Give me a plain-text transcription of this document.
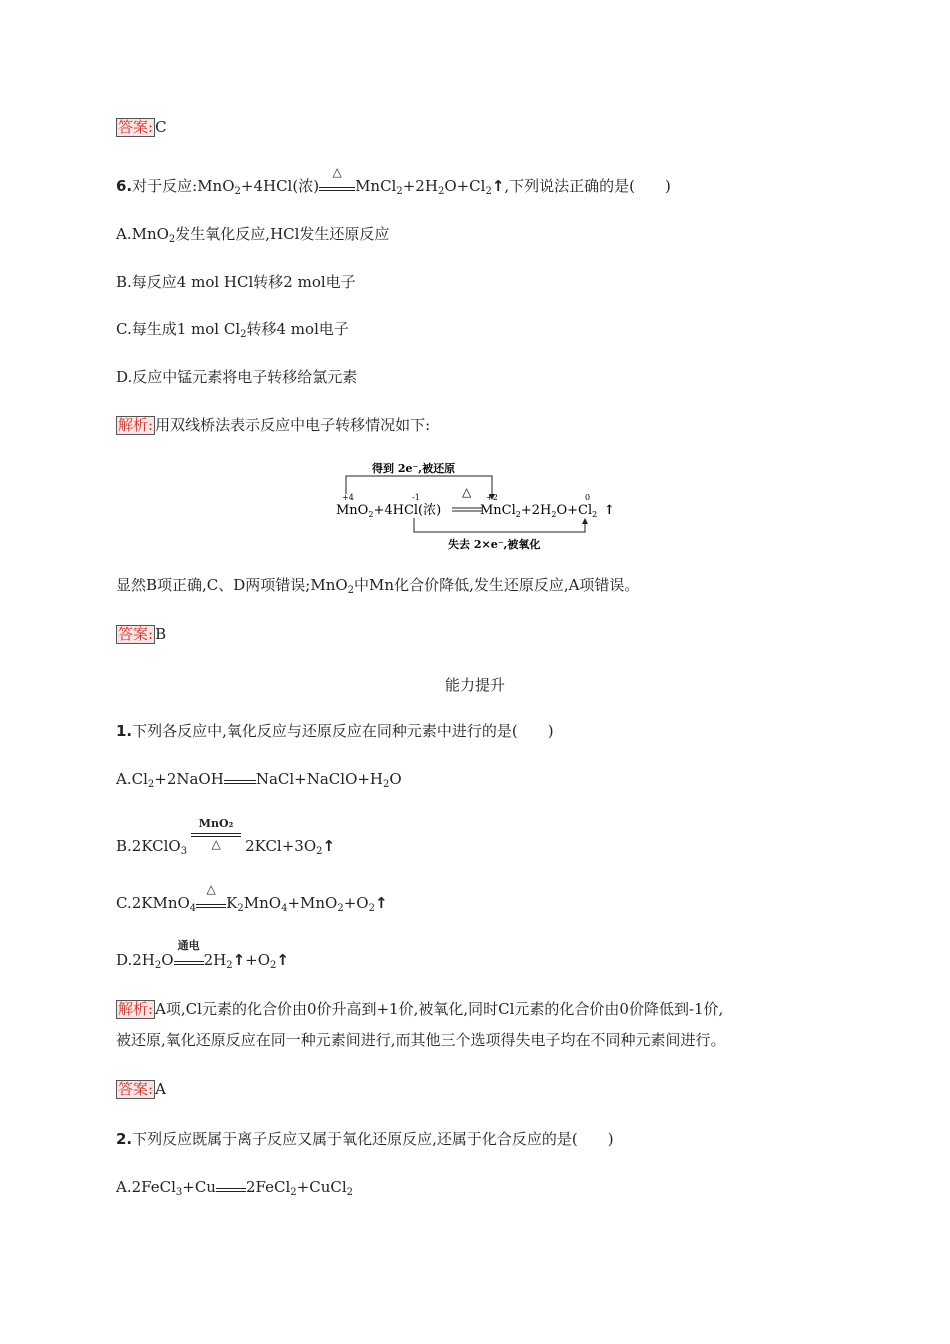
答案: C
6.对于反应:MnO$_2$+4HCl(浓)
△
$MnCl_2+2H_2O+Cl_2↑$,下列说法正确的是(　　)
A.MnO$_2$发生氧化反应,HCl发生还原反应
B.每反应4 mol HCl转移2 mol电子
C.每生成1 mol $Cl_2$转移4 mol电子
D.反应中锰元素将电子转移给氯元素
解析: 用双线桥法表示反应中电子转移情况如下:
得到 2e⁻,被还原
+4	-1	+2	0
MnO$_2$+4HCl(浓)
△
$MnCl_2+2H_2O+Cl_2$ ↑
失去 2×e⁻,被氧化
显然B项正确,C、D两项错误;MnO$_2$中Mn化合价降低,发生还原反应,A项错误。
答案: B
能力提升
1.下列各反应中,氧化反应与还原反应在同种元素中进行的是(　　)
$A.Cl_2+2NaOH$ $NaCl+NaClO+H_2O$
B.2KClO$_3$
MnO₂
△	$2KCl+3O_2↑$
C.2KMnO$_4$
△
$K_2MnO_4+MnO_2+O_2↑$
$D.2H_2O$
通电
$2H_2↑+O_2↑$
解析: A项,Cl元素的化合价由0价升高到+1价,被氧化,同时Cl元素的化合价由0价降低到-1价,
被还原,氧化还原反应在同一种元素间进行,而其他三个选项得失电子均在不同种元素间进行。
答案: A
2.下列反应既属于离子反应又属于氧化还原反应,还属于化合反应的是(　　)
A.2FeCl$_3$+Cu 2FeCl$_2$+CuCl$_2$
